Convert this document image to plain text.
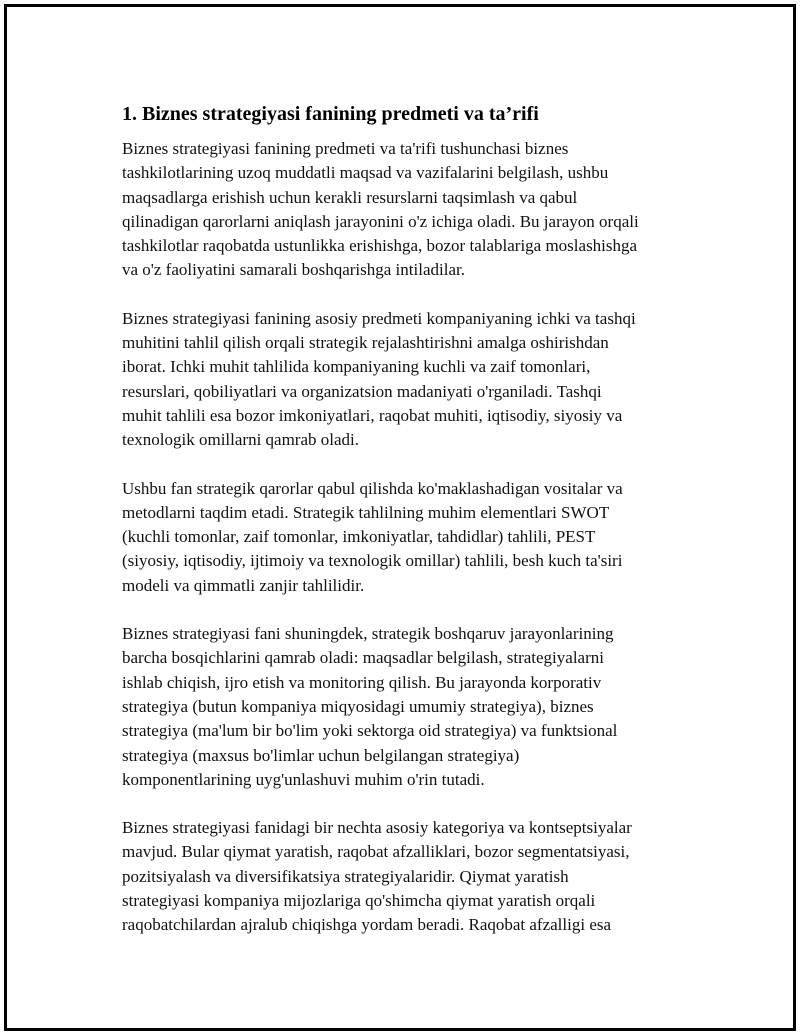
1. Biznes strategiyasi fanining predmeti va ta’rifi

Biznes strategiyasi fanining predmeti va ta'rifi tushunchasi biznes
tashkilotlarining uzoq muddatli maqsad va vazifalarini belgilash, ushbu
maqsadlarga erishish uchun kerakli resurslarni taqsimlash va qabul
qilinadigan qarorlarni aniqlash jarayonini o'z ichiga oladi. Bu jarayon orqali
tashkilotlar raqobatda ustunlikka erishishga, bozor talablariga moslashishga
va o'z faoliyatini samarali boshqarishga intiladilar.

Biznes strategiyasi fanining asosiy predmeti kompaniyaning ichki va tashqi
muhitini tahlil qilish orqali strategik rejalashtirishni amalga oshirishdan
iborat. Ichki muhit tahlilida kompaniyaning kuchli va zaif tomonlari,
resurslari, qobiliyatlari va organizatsion madaniyati o'rganiladi. Tashqi
muhit tahlili esa bozor imkoniyatlari, raqobat muhiti, iqtisodiy, siyosiy va
texnologik omillarni qamrab oladi.

Ushbu fan strategik qarorlar qabul qilishda ko'maklashadigan vositalar va
metodlarni taqdim etadi. Strategik tahlilning muhim elementlari SWOT
(kuchli tomonlar, zaif tomonlar, imkoniyatlar, tahdidlar) tahlili, PEST
(siyosiy, iqtisodiy, ijtimoiy va texnologik omillar) tahlili, besh kuch ta'siri
modeli va qimmatli zanjir tahlilidir.

Biznes strategiyasi fani shuningdek, strategik boshqaruv jarayonlarining
barcha bosqichlarini qamrab oladi: maqsadlar belgilash, strategiyalarni
ishlab chiqish, ijro etish va monitoring qilish. Bu jarayonda korporativ
strategiya (butun kompaniya miqyosidagi umumiy strategiya), biznes
strategiya (ma'lum bir bo'lim yoki sektorga oid strategiya) va funktsional
strategiya (maxsus bo'limlar uchun belgilangan strategiya)
komponentlarining uyg'unlashuvi muhim o'rin tutadi.

Biznes strategiyasi fanidagi bir nechta asosiy kategoriya va kontseptsiyalar
mavjud. Bular qiymat yaratish, raqobat afzalliklari, bozor segmentatsiyasi,
pozitsiyalash va diversifikatsiya strategiyalaridir. Qiymat yaratish
strategiyasi kompaniya mijozlariga qo'shimcha qiymat yaratish orqali
raqobatchilardan ajralub chiqishga yordam beradi. Raqobat afzalligi esa
